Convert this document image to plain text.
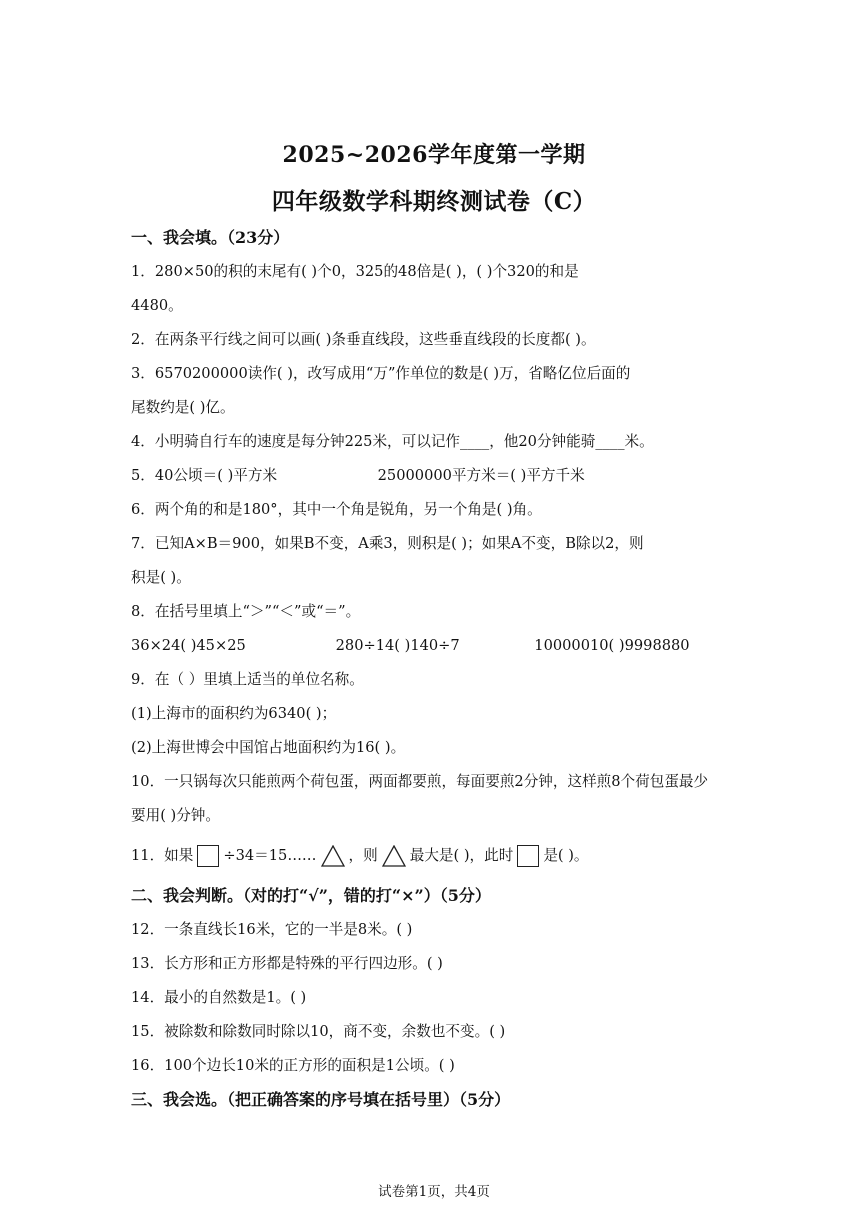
2025~2026学年度第一学期
四年级数学科期终测试卷（C）
一、我会填。（23分）
1．280×50的积的末尾有( )个0，325的48倍是( )，( )个320的和是
4480。
2．在两条平行线之间可以画( )条垂直线段，这些垂直线段的长度都( )。
3．6570200000读作( )，改写成用“万”作单位的数是( )万，省略亿位后面的
尾数约是( )亿。
4．小明骑自行车的速度是每分钟225米，可以记作____，他20分钟能骑____米。
5．40公顷＝( )平方米	25000000平方米＝( )平方千米
6．两个角的和是180°，其中一个角是锐角，另一个角是( )角。
7．已知A×B＝900，如果B不变，A乘3，则积是( )；如果A不变，B除以2，则
积是( )。
8．在括号里填上“＞”“＜”或“＝”。
36×24( )45×25	280÷14( )140÷7	10000010( )9998880
9．在（ ）里填上适当的单位名称。
(1)上海市的面积约为6340( )；
(2)上海世博会中国馆占地面积约为16( )。
10．一只锅每次只能煎两个荷包蛋，两面都要煎，每面要煎2分钟，这样煎8个荷包蛋最少
要用( )分钟。
11．如果 ÷34＝15…… ，则 最大是( )，此时 是( )。
二、我会判断。（对的打“√”，错的打“×”）（5分）
12．一条直线长16米，它的一半是8米。( )
13．长方形和正方形都是特殊的平行四边形。( )
14．最小的自然数是1。( )
15．被除数和除数同时除以10，商不变，余数也不变。( )
16．100个边长10米的正方形的面积是1公顷。( )
三、我会选。（把正确答案的序号填在括号里）（5分）
试卷第1页，共4页
